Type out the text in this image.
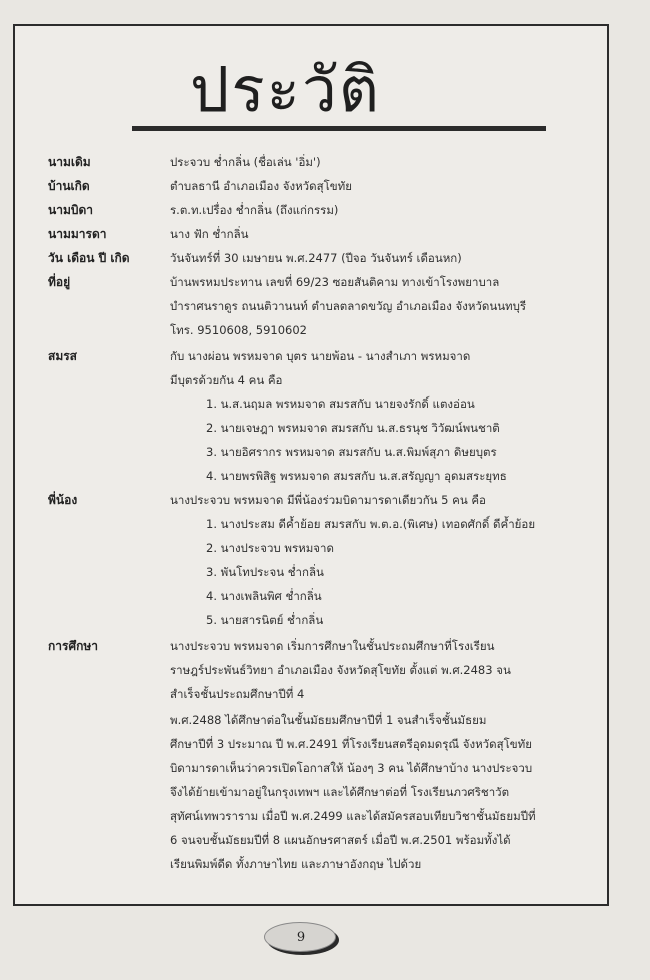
ประวัติ
นามเดิม	ประจวบ ช่ำกลิ่น (ชื่อเล่น 'อิ่ม')
บ้านเกิด	ตำบลธานี อำเภอเมือง จังหวัดสุโขทัย
นามบิดา	ร.ต.ท.เปรื่อง ช่ำกลิ่น (ถึงแก่กรรม)
นามมารดา	นาง ฟัก ช่ำกลิ่น
วัน เดือน ปี เกิด	วันจันทร์ที่ 30 เมษายน พ.ศ.2477 (ปีจอ วันจันทร์ เดือนหก)
ที่อยู่	บ้านพรหมประทาน เลขที่ 69/23 ซอยสันติคาม ทางเข้าโรงพยาบาล
บำราศนราดูร ถนนติวานนท์ ตำบลตลาดขวัญ อำเภอเมือง จังหวัดนนทบุรี
โทร. 9510608, 5910602
สมรส	กับ นางผ่อน พรหมจาด บุตร นายพ้อน - นางสำเภา พรหมจาด
มีบุตรด้วยกัน 4 คน คือ
1. น.ส.นฤมล พรหมจาด สมรสกับ นายจงรักดิ์ แตงอ่อน
2. นายเจษฎา พรหมจาด สมรสกับ น.ส.ธรนุช วิวัฒน์พนชาติ
3. นายอิศรากร พรหมจาด สมรสกับ น.ส.พิมพ์สุภา ดิษยบุตร
4. นายพรพิสิฐ พรหมจาด สมรสกับ น.ส.สรัญญา อุดมสระยุทธ
พี่น้อง	นางประจวบ พรหมจาด มีพี่น้องร่วมบิดามารดาเดียวกัน 5 คน คือ
1. นางประสม ดีค้ำย้อย สมรสกับ พ.ต.อ.(พิเศษ) เทอดศักดิ์ ดีค้ำย้อย
2. นางประจวบ พรหมจาด
3. พันโทประจน ช่ำกลิ่น
4. นางเพลินพิศ ช่ำกลิ่น
5. นายสารนิตย์ ช่ำกลิ่น
การศึกษา	นางประจวบ พรหมจาด เริ่มการศึกษาในชั้นประถมศึกษาที่โรงเรียน
ราษฎร์ประพันธ์วิทยา อำเภอเมือง จังหวัดสุโขทัย ตั้งแต่ พ.ศ.2483 จน
สำเร็จชั้นประถมศึกษาปีที่ 4
พ.ศ.2488 ได้ศึกษาต่อในชั้นมัธยมศึกษาปีที่ 1 จนสำเร็จชั้นมัธยม
ศึกษาปีที่ 3 ประมาณ ปี พ.ศ.2491 ที่โรงเรียนสตรีอุดมดรุณี จังหวัดสุโขทัย
บิดามารดาเห็นว่าควรเปิดโอกาสให้ น้องๆ 3 คน ได้ศึกษาบ้าง นางประจวบ
จึงได้ย้ายเข้ามาอยู่ในกรุงเทพฯ และได้ศึกษาต่อที่ โรงเรียนภวศริชาวัต
สุทัศน์เทพวราราม เมื่อปี พ.ศ.2499 และได้สมัครสอบเทียบวิชาชั้นมัธยมปีที่
6 จนจบชั้นมัธยมปีที่ 8 แผนอักษรศาสตร์ เมื่อปี พ.ศ.2501 พร้อมทั้งได้
เรียนพิมพ์ดีด ทั้งภาษาไทย และภาษาอังกฤษ ไปด้วย
9
